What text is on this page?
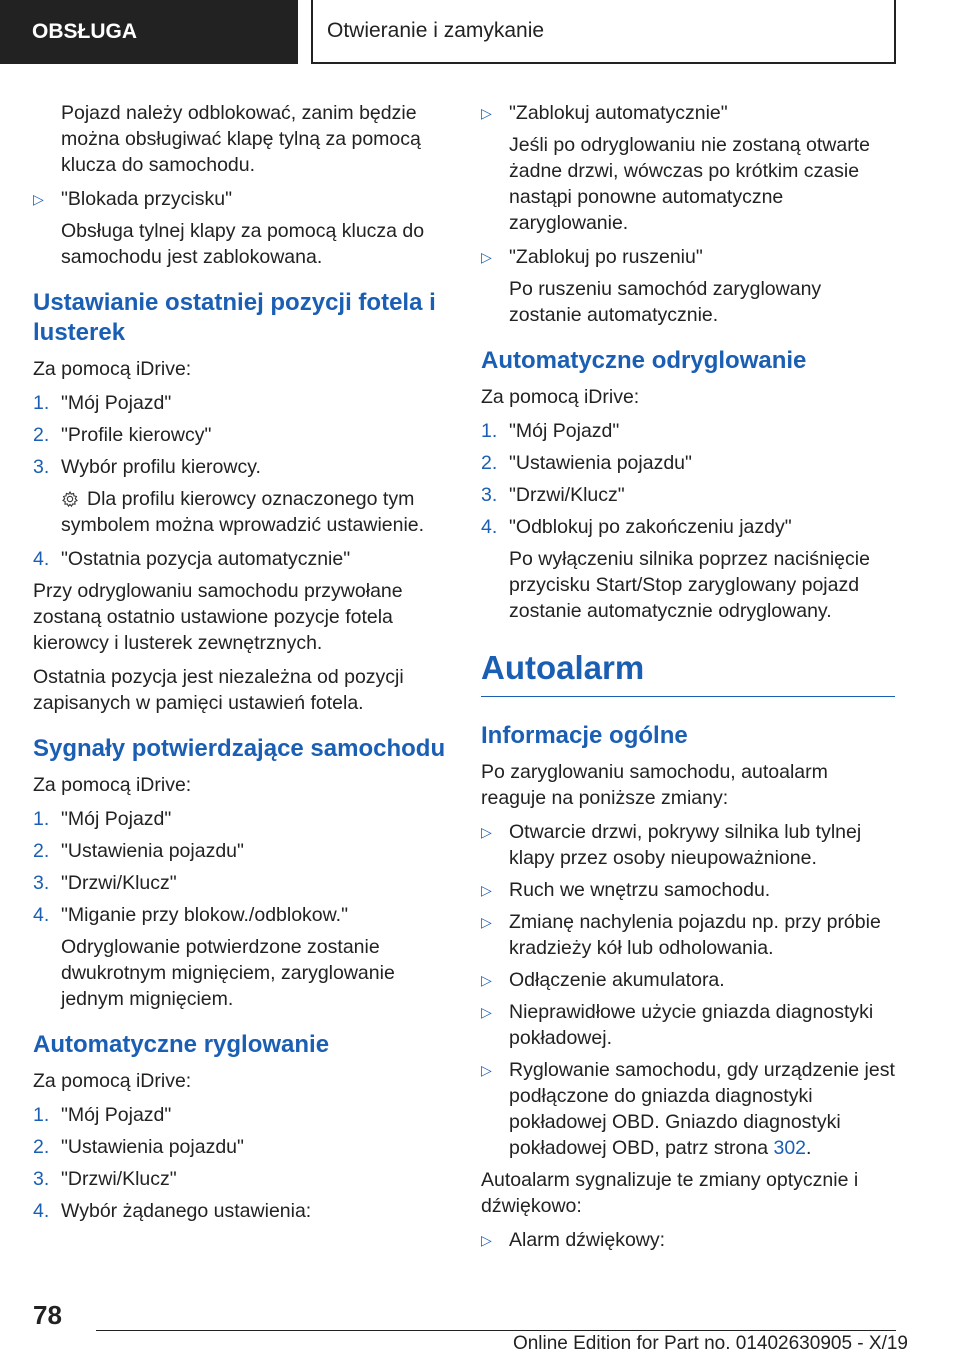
OBSŁUGA	Otwieranie i zamykanie

Pojazd należy odblokować, zanim będzie można obsługiwać klapę tylną za pomocą klucza do samochodu.

▷ "Blokada przycisku"

Obsługa tylnej klapy za pomocą klucza do samochodu jest zablokowana.

Ustawianie ostatniej pozycji fotela i lusterek

Za pomocą iDrive:

1. "Mój Pojazd"
2. "Profile kierowcy"
3. Wybór profilu kierowcy.

Dla profilu kierowcy oznaczonego tym symbolem można wprowadzić ustawienie.

4. "Ostatnia pozycja automatycznie"

Przy odryglowaniu samochodu przywołane zostaną ostatnio ustawione pozycje fotela kierowcy i lusterek zewnętrznych.

Ostatnia pozycja jest niezależna od pozycji zapisanych w pamięci ustawień fotela.

Sygnały potwierdzające samochodu

Za pomocą iDrive:

1. "Mój Pojazd"
2. "Ustawienia pojazdu"
3. "Drzwi/Klucz"
4. "Miganie przy blokow./odblokow."

Odryglowanie potwierdzone zostanie dwukrotnym mignięciem, zaryglowanie jednym mignięciem.

Automatyczne ryglowanie

Za pomocą iDrive:

1. "Mój Pojazd"
2. "Ustawienia pojazdu"
3. "Drzwi/Klucz"
4. Wybór żądanego ustawienia:
▷ "Zablokuj automatycznie"

Jeśli po odryglowaniu nie zostaną otwarte żadne drzwi, wówczas po krótkim czasie nastąpi ponowne automatyczne zaryglowanie.

▷ "Zablokuj po ruszeniu"

Po ruszeniu samochód zaryglowany zostanie automatycznie.

Automatyczne odryglowanie

Za pomocą iDrive:

1. "Mój Pojazd"
2. "Ustawienia pojazdu"
3. "Drzwi/Klucz"
4. "Odblokuj po zakończeniu jazdy"

Po wyłączeniu silnika poprzez naciśnięcie przycisku Start/Stop zaryglowany pojazd zostanie automatycznie odryglowany.

Autoalarm
Informacje ogólne

Po zaryglowaniu samochodu, autoalarm reaguje na poniższe zmiany:

▷ Otwarcie drzwi, pokrywy silnika lub tylnej klapy przez osoby nieupoważnione.
▷ Ruch we wnętrzu samochodu.
▷ Zmianę nachylenia pojazdu np. przy próbie kradzieży kół lub odholowania.
▷ Odłączenie akumulatora.
▷ Nieprawidłowe użycie gniazda diagnostyki pokładowej.
▷ Ryglowanie samochodu, gdy urządzenie jest podłączone do gniazda diagnostyki pokładowej OBD. Gniazdo diagnostyki pokładowej OBD, patrz strona 302.

Autoalarm sygnalizuje te zmiany optycznie i dźwiękowo:

▷ Alarm dźwiękowy:
78
Online Edition for Part no. 01402630905 - X/19
